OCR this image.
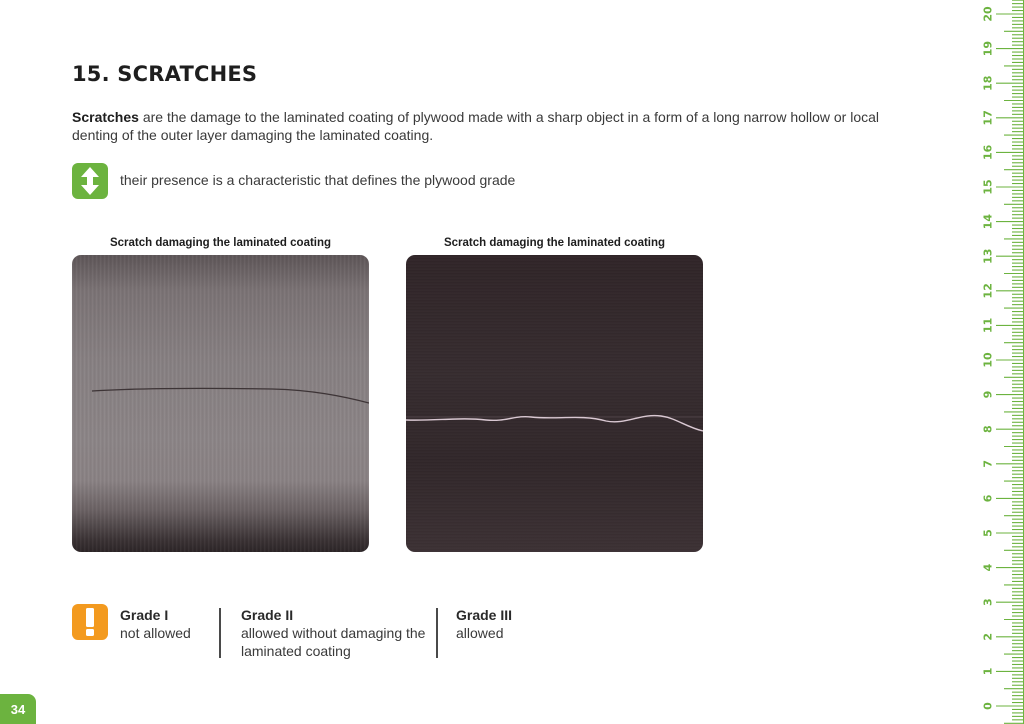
15. SCRATCHES

Scratches are the damage to the laminated coating of plywood made with a sharp object in a form of a long narrow hollow or local denting of the outer layer damaging the laminated coating.

their presence is a characteristic that defines the plywood grade

Scratch damaging the laminated coating	Scratch damaging the laminated coating

Grade I
not allowed
Grade II
allowed without damaging the laminated coating
Grade III
allowed
34	0
1
2
3
4
5
6
7
8
9
10
11
12
13
14
15
16
17
18
19
20
